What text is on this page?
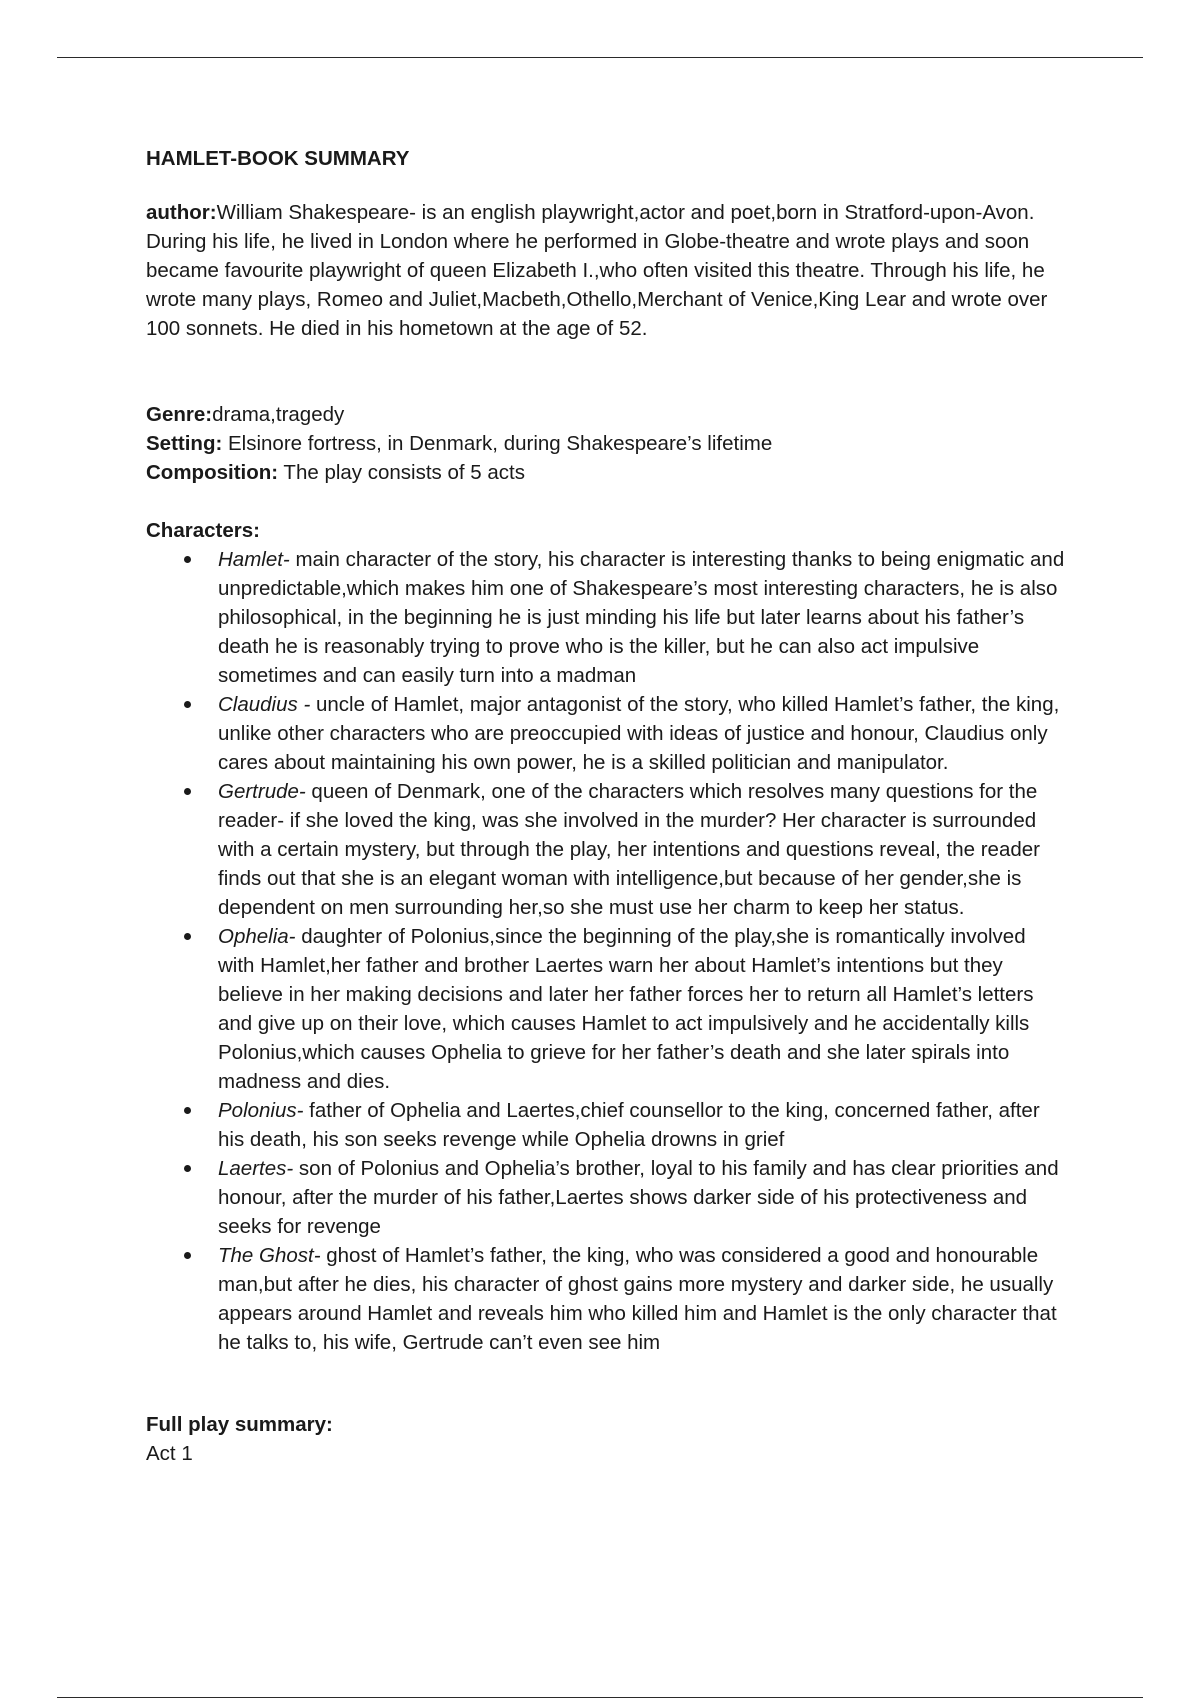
HAMLET-BOOK SUMMARY

author:William Shakespeare- is an english playwright,actor and poet,born in Stratford-upon-Avon. During his life, he lived in London where he performed in Globe-theatre and wrote plays and soon became favourite playwright of queen Elizabeth I.,who often visited this theatre. Through his life, he wrote many plays, Romeo and Juliet,Macbeth,Othello,Merchant of Venice,King Lear and wrote over 100 sonnets. He died in his hometown at the age of 52.

Genre:drama,tragedy

Setting: Elsinore fortress, in Denmark, during Shakespeare’s lifetime

Composition: The play consists of 5 acts

Characters:
Hamlet- main character of the story, his character is interesting thanks to being enigmatic and unpredictable,which makes him one of Shakespeare’s most interesting characters, he is also philosophical, in the beginning he is just minding his life but later learns about his father’s death he is reasonably trying to prove who is the killer, but he can also act impulsive sometimes and can easily turn into a madman
Claudius - uncle of Hamlet, major antagonist of the story, who killed Hamlet’s father, the king, unlike other characters who are preoccupied with ideas of justice and honour, Claudius only cares about maintaining his own power, he is a skilled politician and manipulator.
Gertrude- queen of Denmark, one of the characters which resolves many questions for the reader- if she loved the king, was she involved in the murder? Her character is surrounded with a certain mystery, but through the play, her intentions and questions reveal, the reader finds out that she is an elegant woman with intelligence,but because of her gender,she is dependent on men surrounding her,so she must use her charm to keep her status.
Ophelia- daughter of Polonius,since the beginning of the play,she is romantically involved with Hamlet,her father and brother Laertes warn her about Hamlet’s intentions but they believe in her making decisions and later her father forces her to return all Hamlet’s letters and give up on their love, which causes Hamlet to act impulsively and he accidentally kills Polonius,which causes Ophelia to grieve for her father’s death and she later spirals into madness and dies.
Polonius- father of Ophelia and Laertes,chief counsellor to the king, concerned father, after his death, his son seeks revenge while Ophelia drowns in grief
Laertes- son of Polonius and Ophelia’s brother, loyal to his family and has clear priorities and honour, after the murder of his father,Laertes shows darker side of his protectiveness and seeks for revenge
The Ghost- ghost of Hamlet’s father, the king, who was considered a good and honourable man,but after he dies, his character of ghost gains more mystery and darker side, he usually appears around Hamlet and reveals him who killed him and Hamlet is the only character that he talks to, his wife, Gertrude can’t even see him
Full play summary:

Act 1
